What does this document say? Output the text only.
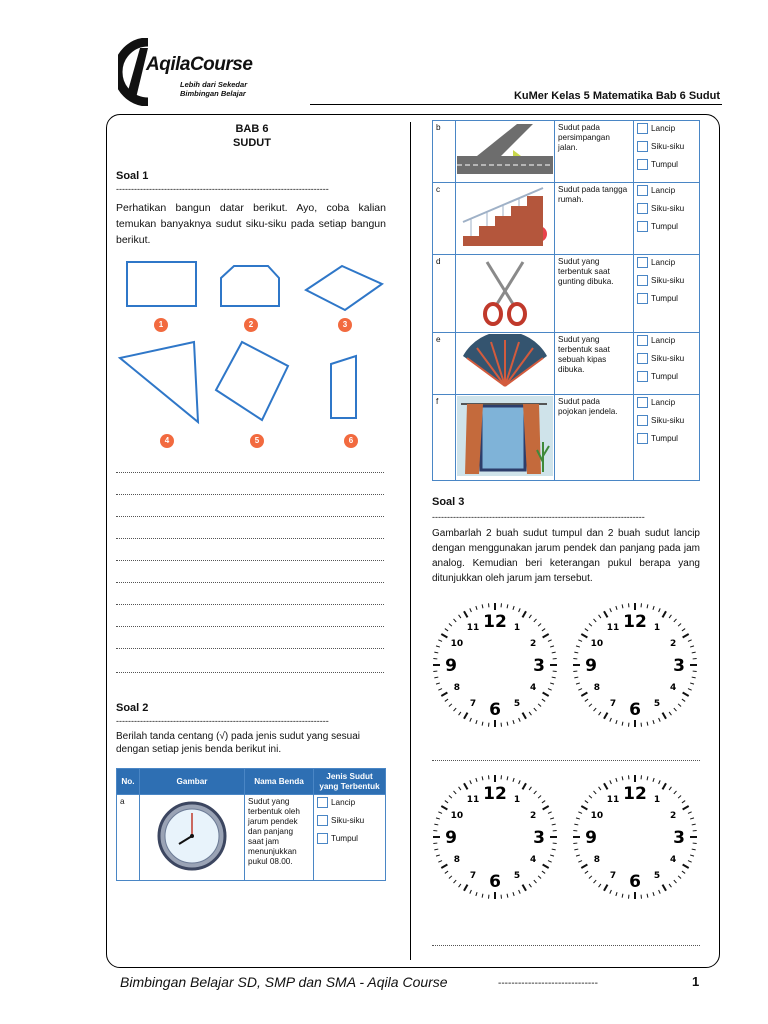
AqilaCourse
Lebih dari Sekedar
Bimbingan Belajar	KuMer Kelas 5 Matematika Bab 6 Sudut
BAB 6
SUDUT
Soal 1
-----------------------------------------------------------------------
Perhatikan bangun datar berikut. Ayo, coba kalian temukan banyaknya sudut siku-siku pada setiap bangun berikut.
1	2	3
4	5	6
Soal 2
-----------------------------------------------------------------------
Berilah tanda centang (√) pada jenis sudut yang sesuai dengan setiap jenis benda berikut ini.
No.	Gambar	Nama Benda	Jenis Sudut yang Terbentuk
a		Sudut yang terbentuk oleh jarum pendek dan panjang saat jam menunjukkan pukul 08.00.	Lancip
Siku-siku
Tumpul
b		Sudut pada persimpangan jalan.	Lancip
Siku-siku
Tumpul

c		Sudut pada tangga rumah.	Lancip
Siku-siku
Tumpul

d		Sudut yang terbentuk saat gunting dibuka.	Lancip
Siku-siku
Tumpul

e		Sudut yang terbentuk saat sebuah kipas dibuka.	Lancip
Siku-siku
Tumpul

f		Sudut pada pojokan jendela.	Lancip
Siku-siku
Tumpul
Soal 3
-----------------------------------------------------------------------
Gambarlah 2 buah sudut tumpul dan 2 buah sudut lancip dengan menggunakan jarum pendek dan panjang pada jam analog. Kemudian beri keterangan pukul berapa yang ditunjukkan oleh jarum jam tersebut.
12 1
2
3
4
5
6
7
8
9
10
11	12 1
2
3
4
5
6
7
8
9
10
11
12 1
2
3
4
5
6
7
8
9
10
11	12 1
2
3
4
5
6
7
8
9
10
11
Bimbingan Belajar SD, SMP dan SMA - Aqila Course	------------------------------	1
